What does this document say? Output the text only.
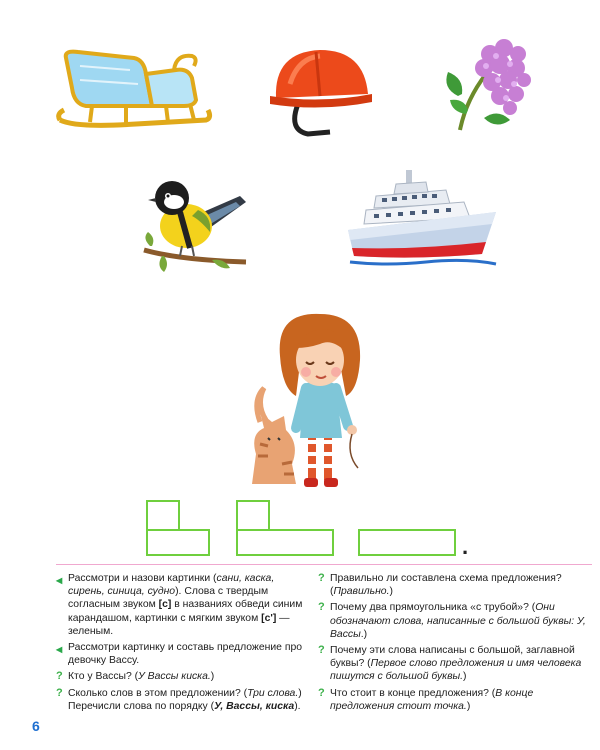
.
◀ Рассмотри и назови картинки (сани, каска, сирень, синица, судно). Слова с твердым согласным звуком [с] в названиях обведи синим карандашом, картинки с мягким звуком [с'] — зеленым.
◀ Рассмотри картинку и составь предложение про девочку Вассу.
? Кто у Вассы? (У Вассы киска.)
? Сколько слов в этом предложении? (Три слова.) Перечисли слова по порядку (У, Вассы, киска).
? Правильно ли составлена схема предложения? (Правильно.)
? Почему два прямоугольника «с трубой»? (Они обозначают слова, написанные с большой буквы: У, Вассы.)
? Почему эти слова написаны с большой, заглавной буквы? (Первое слово предложения и имя человека пишутся с большой буквы.)
? Что стоит в конце предложения? (В конце предложения стоит точка.)
6
